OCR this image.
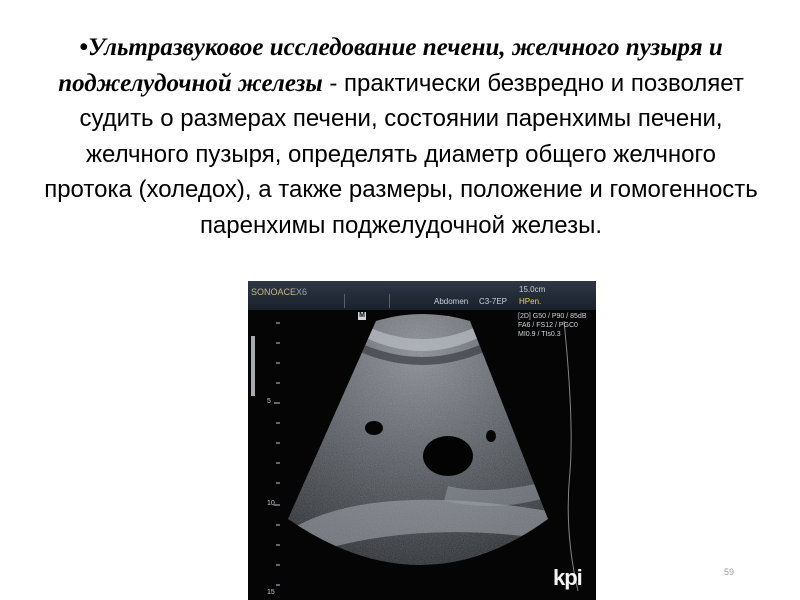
•Ультразвуковое исследование печени, желчного пузыря и поджелудочной железы - практически безвредно и позволяет судить о размерах печени, состоянии паренхимы печени, желчного пузыря, определять диаметр общего желчного протока (холедох), а также размеры, положение и гомогенность паренхимы поджелудочной железы.

SONOACEX6
Abdomen C3-7EP
15.0cm
HPen.
M	[2D] G50 / P90 / 85dB
FA6 / FS12 / PGC0
MI0.9 / TIs0.3
5
10
15
kpi	59
